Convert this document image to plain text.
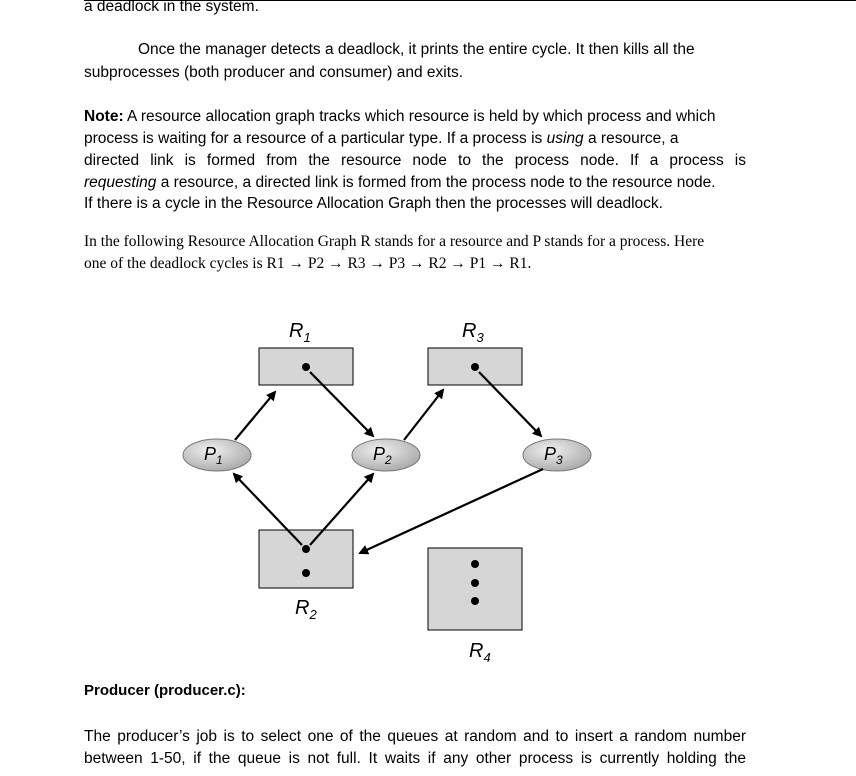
a deadlock in the system.
Once the manager detects a deadlock, it prints the entire cycle. It then kills all the
subprocesses (both producer and consumer) and exits.
Note: A resource allocation graph tracks which resource is held by which process and which
process is waiting for a resource of a particular type. If a process is using a resource, a
directed link is formed from the resource node to the process node. If a process is
requesting a resource, a directed link is formed from the process node to the resource node.
If there is a cycle in the Resource Allocation Graph then the processes will deadlock.
In the following Resource Allocation Graph R stands for a resource and P stands for a process. Here
one of the deadlock cycles is R1 → P2 → R3 → P3 → R2 → P1 → R1.
$R_1$	$R_3$
$R_2$
$R_4$
$P_1$	$P_2$	$P_3$
Producer (producer.c):
The producer’s job is to select one of the queues at random and to insert a random number
between 1-50, if the queue is not full. It waits if any other process is currently holding the
